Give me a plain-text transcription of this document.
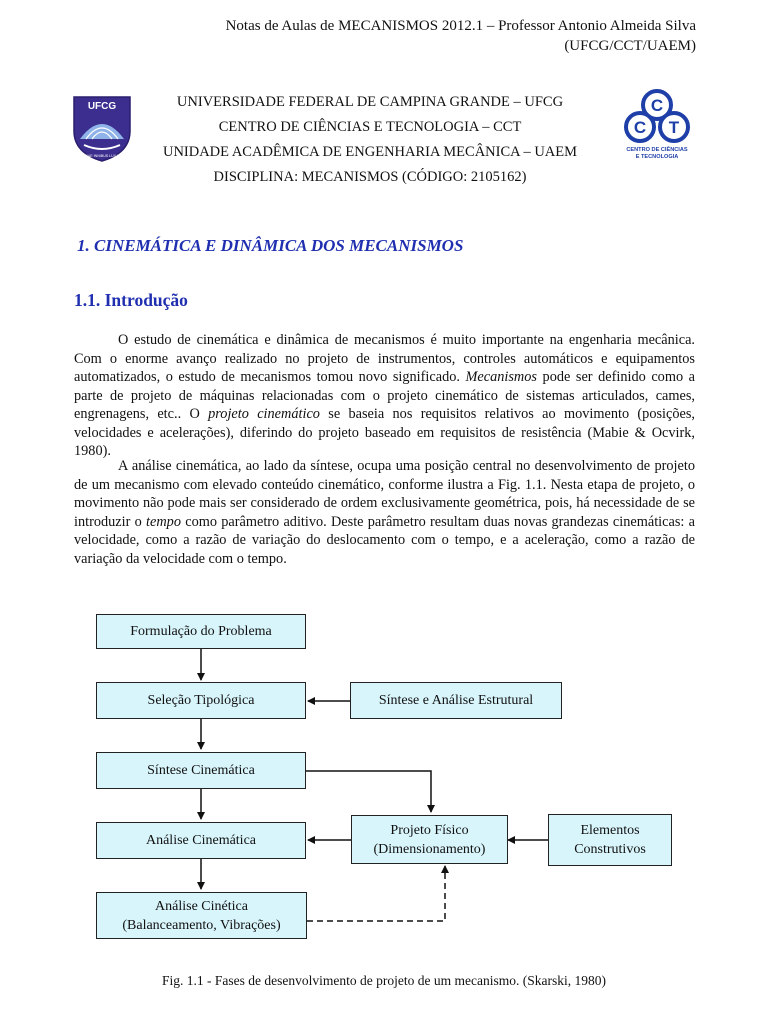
Notas de Aulas de MECANISMOS 2012.1 – Professor Antonio Almeida Silva
(UFCG/CCT/UAEM)
UFCG
PATRIAE INNIBUS LUX DATA
C
C T
CENTRO DE CIÊNCIAS
E TECNOLOGIA
UNIVERSIDADE FEDERAL DE CAMPINA GRANDE – UFCG
CENTRO DE CIÊNCIAS E TECNOLOGIA – CCT
UNIDADE ACADÊMICA DE ENGENHARIA MECÂNICA – UAEM
DISCIPLINA: MECANISMOS (CÓDIGO: 2105162)
1. CINEMÁTICA E DINÂMICA DOS MECANISMOS
1.1. Introdução

O estudo de cinemática e dinâmica de mecanismos é muito importante na engenharia mecânica. Com o enorme avanço realizado no projeto de instrumentos, controles automáticos e equipamentos automatizados, o estudo de mecanismos tomou novo significado. Mecanismos pode ser definido como a parte de projeto de máquinas relacionadas com o projeto cinemático de sistemas articulados, cames, engrenagens, etc.. O projeto cinemático se baseia nos requisitos relativos ao movimento (posições, velocidades e acelerações), diferindo do projeto baseado em requisitos de resistência (Mabie & Ocvirk, 1980).

A análise cinemática, ao lado da síntese, ocupa uma posição central no desenvolvimento de projeto de um mecanismo com elevado conteúdo cinemático, conforme ilustra a Fig. 1.1. Nesta etapa de projeto, o movimento não pode mais ser considerado de ordem exclusivamente geométrica, pois, há necessidade de se introduzir o tempo como parâmetro aditivo. Deste parâmetro resultam duas novas grandezas cinemáticas: a velocidade, como a razão de variação do deslocamento com o tempo, e a aceleração, como a razão de variação da velocidade com o tempo.

Formulação do Problema
Seleção Tipológica	Síntese e Análise Estrutural
Síntese Cinemática
Análise Cinemática
Projeto Físico
(Dimensionamento)
Elementos
Construtivos
Análise Cinética
(Balanceamento, Vibrações)
Fig. 1.1 - Fases de desenvolvimento de projeto de um mecanismo. (Skarski, 1980)
